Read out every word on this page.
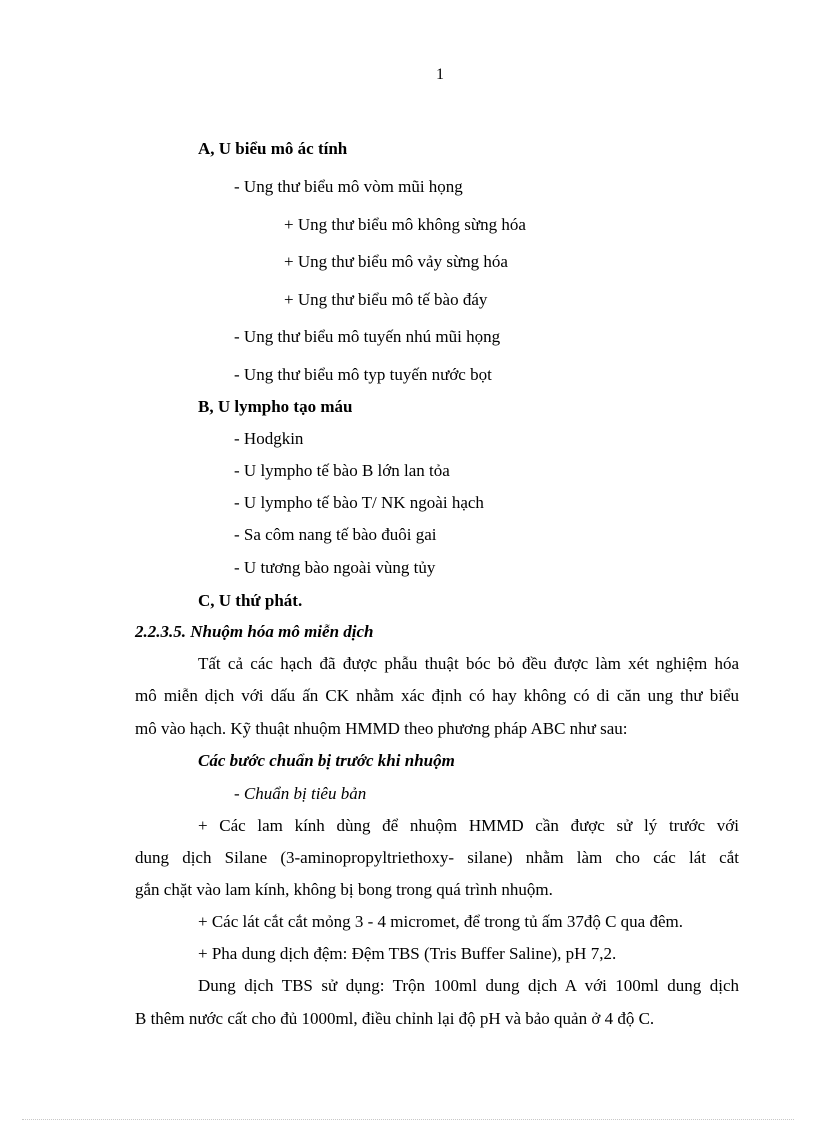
1
A, U biểu mô ác tính
- Ung thư biểu mô vòm mũi họng
+ Ung thư biểu mô không sừng hóa
+ Ung thư biểu mô vảy sừng hóa
+ Ung thư biểu mô tế bào đáy
- Ung thư biểu mô tuyến nhú mũi họng
- Ung thư biểu mô typ tuyến nước bọt
B, U lympho tạo máu
- Hodgkin
- U lympho tế bào B lớn lan tỏa
- U lympho tế bào T/ NK ngoài hạch
- Sa côm nang tế bào đuôi gai
- U tương bào ngoài vùng tủy
C, U thứ phát.
2.2.3.5. Nhuộm hóa mô miễn dịch
Tất cả các hạch đã được phẫu thuật bóc bỏ đều được làm xét nghiệm hóa
mô miễn dịch với dấu ấn CK nhằm xác định có hay không có di căn ung thư biểu
mô vào hạch. Kỹ thuật nhuộm HMMD theo phương pháp ABC như sau:
Các bước chuẩn bị trước khi nhuộm
- Chuẩn bị tiêu bản
+ Các lam kính dùng để nhuộm HMMD cần được sử lý trước với
dung dịch Silane (3-aminopropyltriethoxy- silane) nhằm làm cho các lát cắt
gắn chặt vào lam kính, không bị bong trong quá trình nhuộm.
+ Các lát cắt cắt mỏng 3 - 4 micromet, để trong tủ ấm 37độ C qua đêm.
+ Pha dung dịch đệm: Đệm TBS (Tris Buffer Saline), pH 7,2.
Dung dịch TBS sử dụng: Trộn 100ml dung dịch A với 100ml dung dịch
B thêm nước cất cho đủ 1000ml, điều chỉnh lại độ pH và bảo quản ở 4 độ C.
